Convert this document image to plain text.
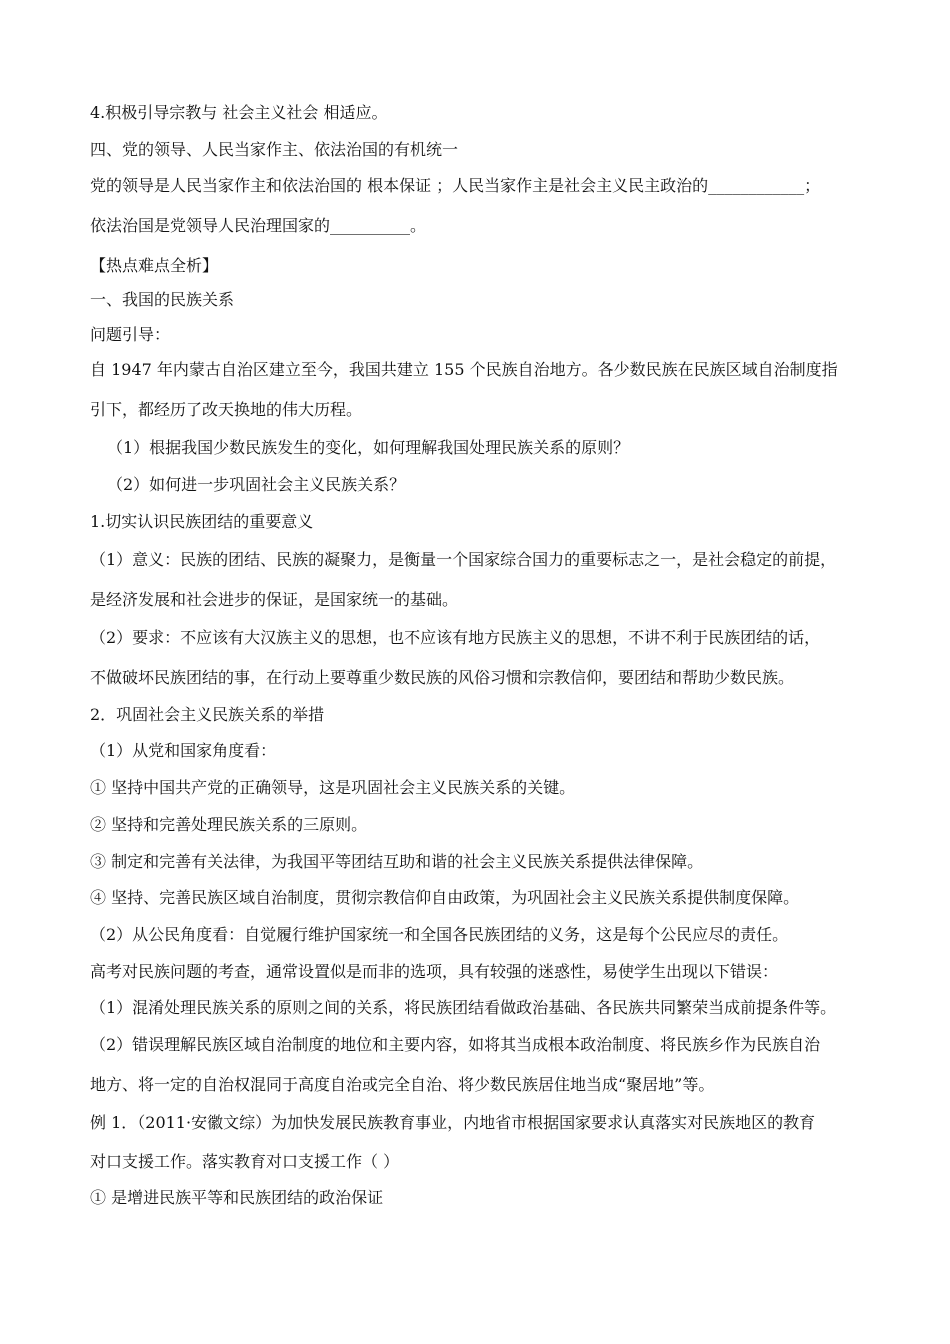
4.积极引导宗教与 社会主义社会 相适应。
四、党的领导、人民当家作主、依法治国的有机统一
党的领导是人民当家作主和依法治国的 根本保证 ；人民当家作主是社会主义民主政治的____________；
依法治国是党领导人民治理国家的__________。
【热点难点全析】
一、我国的民族关系
问题引导：
自 1947 年内蒙古自治区建立至今，我国共建立 155 个民族自治地方。各少数民族在民族区域自治制度指
引下，都经历了改天换地的伟大历程。
（1）根据我国少数民族发生的变化，如何理解我国处理民族关系的原则？
（2）如何进一步巩固社会主义民族关系？
1.切实认识民族团结的重要意义
（1）意义：民族的团结、民族的凝聚力，是衡量一个国家综合国力的重要标志之一，是社会稳定的前提，
是经济发展和社会进步的保证，是国家统一的基础。
（2）要求：不应该有大汉族主义的思想，也不应该有地方民族主义的思想，不讲不利于民族团结的话，
不做破坏民族团结的事，在行动上要尊重少数民族的风俗习惯和宗教信仰，要团结和帮助少数民族。
2．巩固社会主义民族关系的举措
（1）从党和国家角度看：
① 坚持中国共产党的正确领导，这是巩固社会主义民族关系的关键。
② 坚持和完善处理民族关系的三原则。
③ 制定和完善有关法律，为我国平等团结互助和谐的社会主义民族关系提供法律保障。
④ 坚持、完善民族区域自治制度，贯彻宗教信仰自由政策，为巩固社会主义民族关系提供制度保障。
（2）从公民角度看：自觉履行维护国家统一和全国各民族团结的义务，这是每个公民应尽的责任。
高考对民族问题的考查，通常设置似是而非的选项，具有较强的迷惑性，易使学生出现以下错误：
（1）混淆处理民族关系的原则之间的关系，将民族团结看做政治基础、各民族共同繁荣当成前提条件等。
（2）错误理解民族区域自治制度的地位和主要内容，如将其当成根本政治制度、将民族乡作为民族自治
地方、将一定的自治权混同于高度自治或完全自治、将少数民族居住地当成“聚居地”等。
例 1．（2011·安徽文综）为加快发展民族教育事业，内地省市根据国家要求认真落实对民族地区的教育
对口支援工作。落实教育对口支援工作（ ）
① 是增进民族平等和民族团结的政治保证
